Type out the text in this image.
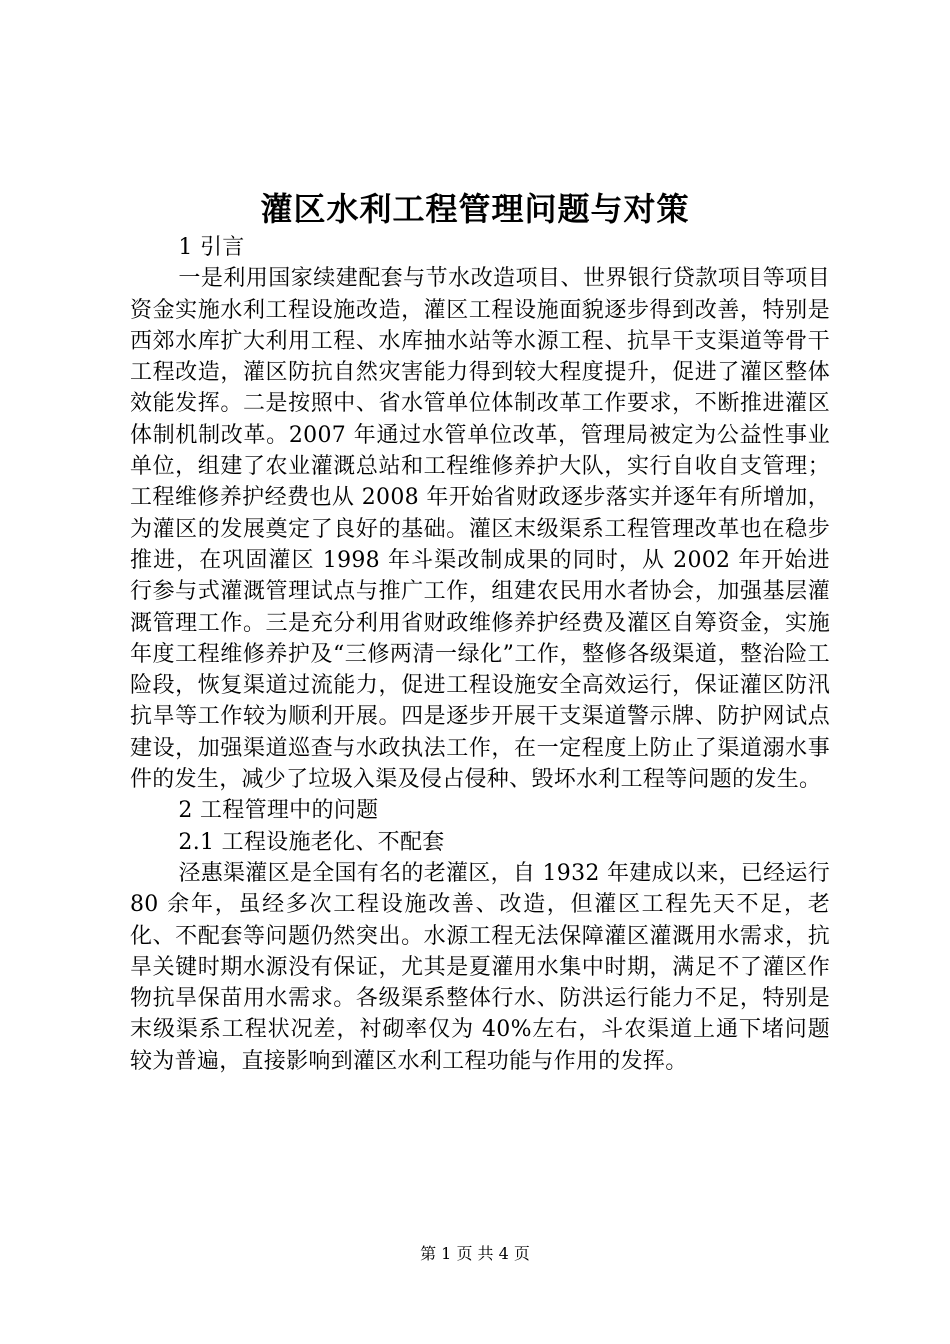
灌区水利工程管理问题与对策

1 引言

一是利用国家续建配套与节水改造项目、世界银行贷款项目等项目资金实施水利工程设施改造，灌区工程设施面貌逐步得到改善，特别是西郊水库扩大利用工程、水库抽水站等水源工程、抗旱干支渠道等骨干工程改造，灌区防抗自然灾害能力得到较大程度提升，促进了灌区整体效能发挥。二是按照中、省水管单位体制改革工作要求，不断推进灌区体制机制改革。2007 年通过水管单位改革，管理局被定为公益性事业单位，组建了农业灌溉总站和工程维修养护大队，实行自收自支管理；工程维修养护经费也从 2008 年开始省财政逐步落实并逐年有所增加，为灌区的发展奠定了良好的基础。灌区末级渠系工程管理改革也在稳步推进，在巩固灌区 1998 年斗渠改制成果的同时，从 2002 年开始进行参与式灌溉管理试点与推广工作，组建农民用水者协会，加强基层灌溉管理工作。三是充分利用省财政维修养护经费及灌区自筹资金，实施年度工程维修养护及“三修两清一绿化”工作，整修各级渠道，整治险工险段，恢复渠道过流能力，促进工程设施安全高效运行，保证灌区防汛抗旱等工作较为顺利开展。四是逐步开展干支渠道警示牌、防护网试点建设，加强渠道巡查与水政执法工作，在一定程度上防止了渠道溺水事件的发生，减少了垃圾入渠及侵占侵种、毁坏水利工程等问题的发生。

2 工程管理中的问题

2.1 工程设施老化、不配套

泾惠渠灌区是全国有名的老灌区，自 1932 年建成以来，已经运行 80 余年，虽经多次工程设施改善、改造，但灌区工程先天不足，老化、不配套等问题仍然突出。水源工程无法保障灌区灌溉用水需求，抗旱关键时期水源没有保证，尤其是夏灌用水集中时期，满足不了灌区作物抗旱保苗用水需求。各级渠系整体行水、防洪运行能力不足，特别是末级渠系工程状况差，衬砌率仅为 40%左右，斗农渠道上通下堵问题较为普遍，直接影响到灌区水利工程功能与作用的发挥。

第 1 页 共 4 页
